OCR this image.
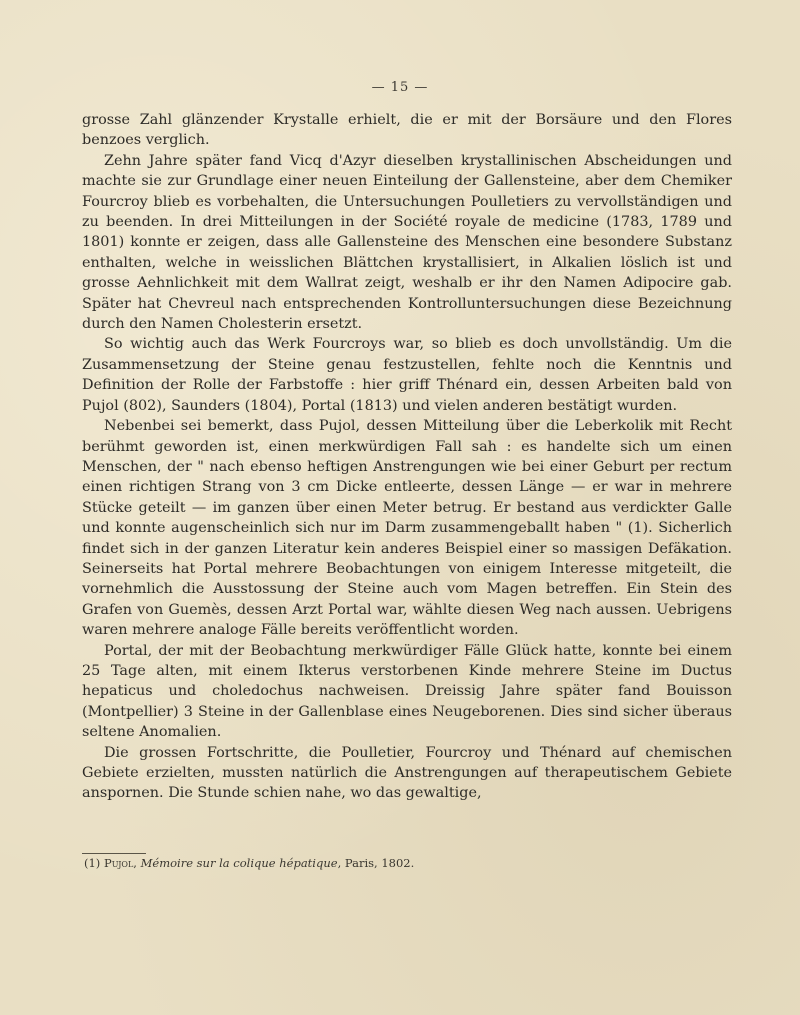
— 15 —

grosse Zahl glänzender Krystalle erhielt, die er mit der Borsäure und den Flores benzoes verglich.

Zehn Jahre später fand Vicq d'Azyr dieselben krystallinischen Abscheidungen und machte sie zur Grundlage einer neuen Einteilung der Gallensteine, aber dem Chemiker Fourcroy blieb es vorbehalten, die Untersuchungen Poulletiers zu vervollständigen und zu beenden. In drei Mitteilungen in der Société royale de medicine (1783, 1789 und 1801) konnte er zeigen, dass alle Gallensteine des Menschen eine besondere Substanz enthalten, welche in weisslichen Blättchen krystallisiert, in Alkalien löslich ist und grosse Aehnlichkeit mit dem Wallrat zeigt, weshalb er ihr den Namen Adipocire gab. Später hat Chevreul nach entsprechenden Kontrolluntersuchungen diese Bezeichnung durch den Namen Cholesterin ersetzt.

So wichtig auch das Werk Fourcroys war, so blieb es doch unvollständig. Um die Zusammensetzung der Steine genau festzustellen, fehlte noch die Kenntnis und Definition der Rolle der Farbstoffe : hier griff Thénard ein, dessen Arbeiten bald von Pujol (802), Saunders (1804), Portal (1813) und vielen anderen bestätigt wurden.

Nebenbei sei bemerkt, dass Pujol, dessen Mitteilung über die Leberkolik mit Recht berühmt geworden ist, einen merkwürdigen Fall sah : es handelte sich um einen Menschen, der " nach ebenso heftigen Anstrengungen wie bei einer Geburt per rectum einen richtigen Strang von 3 cm Dicke entleerte, dessen Länge — er war in mehrere Stücke geteilt — im ganzen über einen Meter betrug. Er bestand aus verdickter Galle und konnte augenscheinlich sich nur im Darm zusammengeballt haben " (1). Sicherlich findet sich in der ganzen Literatur kein anderes Beispiel einer so massigen Defäkation. Seinerseits hat Portal mehrere Beobachtungen von einigem Interesse mitgeteilt, die vornehmlich die Ausstossung der Steine auch vom Magen betreffen. Ein Stein des Grafen von Guemès, dessen Arzt Portal war, wählte diesen Weg nach aussen. Uebrigens waren mehrere analoge Fälle bereits veröffentlicht worden.

Portal, der mit der Beobachtung merkwürdiger Fälle Glück hatte, konnte bei einem 25 Tage alten, mit einem Ikterus verstorbenen Kinde mehrere Steine im Ductus hepaticus und choledochus nachweisen. Dreissig Jahre später fand Bouisson (Montpellier) 3 Steine in der Gallenblase eines Neugeborenen. Dies sind sicher überaus seltene Anomalien.

Die grossen Fortschritte, die Poulletier, Fourcroy und Thénard auf chemischen Gebiete erzielten, mussten natürlich die Anstrengungen auf therapeutischem Gebiete anspornen. Die Stunde schien nahe, wo das gewaltige,

(1) Pujol, Mémoire sur la colique hépatique, Paris, 1802.
